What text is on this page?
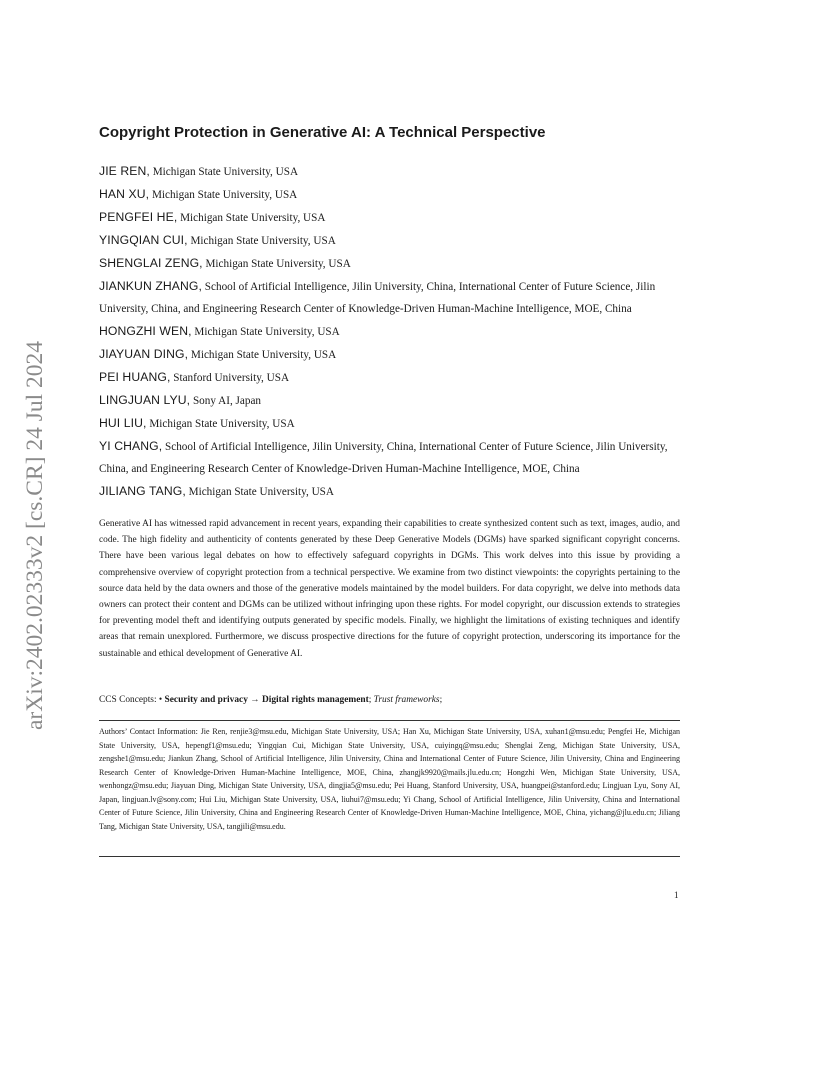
arXiv:2402.02333v2 [cs.CR] 24 Jul 2024
Copyright Protection in Generative AI: A Technical Perspective
JIE REN, Michigan State University, USA
HAN XU, Michigan State University, USA
PENGFEI HE, Michigan State University, USA
YINGQIAN CUI, Michigan State University, USA
SHENGLAI ZENG, Michigan State University, USA
JIANKUN ZHANG, School of Artificial Intelligence, Jilin University, China, International Center of Future Science, Jilin University, China, and Engineering Research Center of Knowledge-Driven Human-Machine Intelligence, MOE, China
HONGZHI WEN, Michigan State University, USA
JIAYUAN DING, Michigan State University, USA
PEI HUANG, Stanford University, USA
LINGJUAN LYU, Sony AI, Japan
HUI LIU, Michigan State University, USA
YI CHANG, School of Artificial Intelligence, Jilin University, China, International Center of Future Science, Jilin University, China, and Engineering Research Center of Knowledge-Driven Human-Machine Intelligence, MOE, China
JILIANG TANG, Michigan State University, USA

Generative AI has witnessed rapid advancement in recent years, expanding their capabilities to create synthesized content such as text, images, audio, and code. The high fidelity and authenticity of contents generated by these Deep Generative Models (DGMs) have sparked significant copyright concerns. There have been various legal debates on how to effectively safeguard copyrights in DGMs. This work delves into this issue by providing a comprehensive overview of copyright protection from a technical perspective. We examine from two distinct viewpoints: the copyrights pertaining to the source data held by the data owners and those of the generative models maintained by the model builders. For data copyright, we delve into methods data owners can protect their content and DGMs can be utilized without infringing upon these rights. For model copyright, our discussion extends to strategies for preventing model theft and identifying outputs generated by specific models. Finally, we highlight the limitations of existing techniques and identify areas that remain unexplored. Furthermore, we discuss prospective directions for the future of copyright protection, underscoring its importance for the sustainable and ethical development of Generative AI.

CCS Concepts: • Security and privacy → Digital rights management; Trust frameworks;

Authors’ Contact Information: Jie Ren, renjie3@msu.edu, Michigan State University, USA; Han Xu, Michigan State University, USA, xuhan1@msu.edu; Pengfei He, Michigan State University, USA, hepengf1@msu.edu; Yingqian Cui, Michigan State University, USA, cuiyingq@msu.edu; Shenglai Zeng, Michigan State University, USA, zengshe1@msu.edu; Jiankun Zhang, School of Artificial Intelligence, Jilin University, China and International Center of Future Science, Jilin University, China and Engineering Research Center of Knowledge-Driven Human-Machine Intelligence, MOE, China, zhangjk9920@mails.jlu.edu.cn; Hongzhi Wen, Michigan State University, USA, wenhongz@msu.edu; Jiayuan Ding, Michigan State University, USA, dingjia5@msu.edu; Pei Huang, Stanford University, USA, huangpei@stanford.edu; Lingjuan Lyu, Sony AI, Japan, lingjuan.lv@sony.com; Hui Liu, Michigan State University, USA, liuhui7@msu.edu; Yi Chang, School of Artificial Intelligence, Jilin University, China and International Center of Future Science, Jilin University, China and Engineering Research Center of Knowledge-Driven Human-Machine Intelligence, MOE, China, yichang@jlu.edu.cn; Jiliang Tang, Michigan State University, USA, tangjili@msu.edu.

1
